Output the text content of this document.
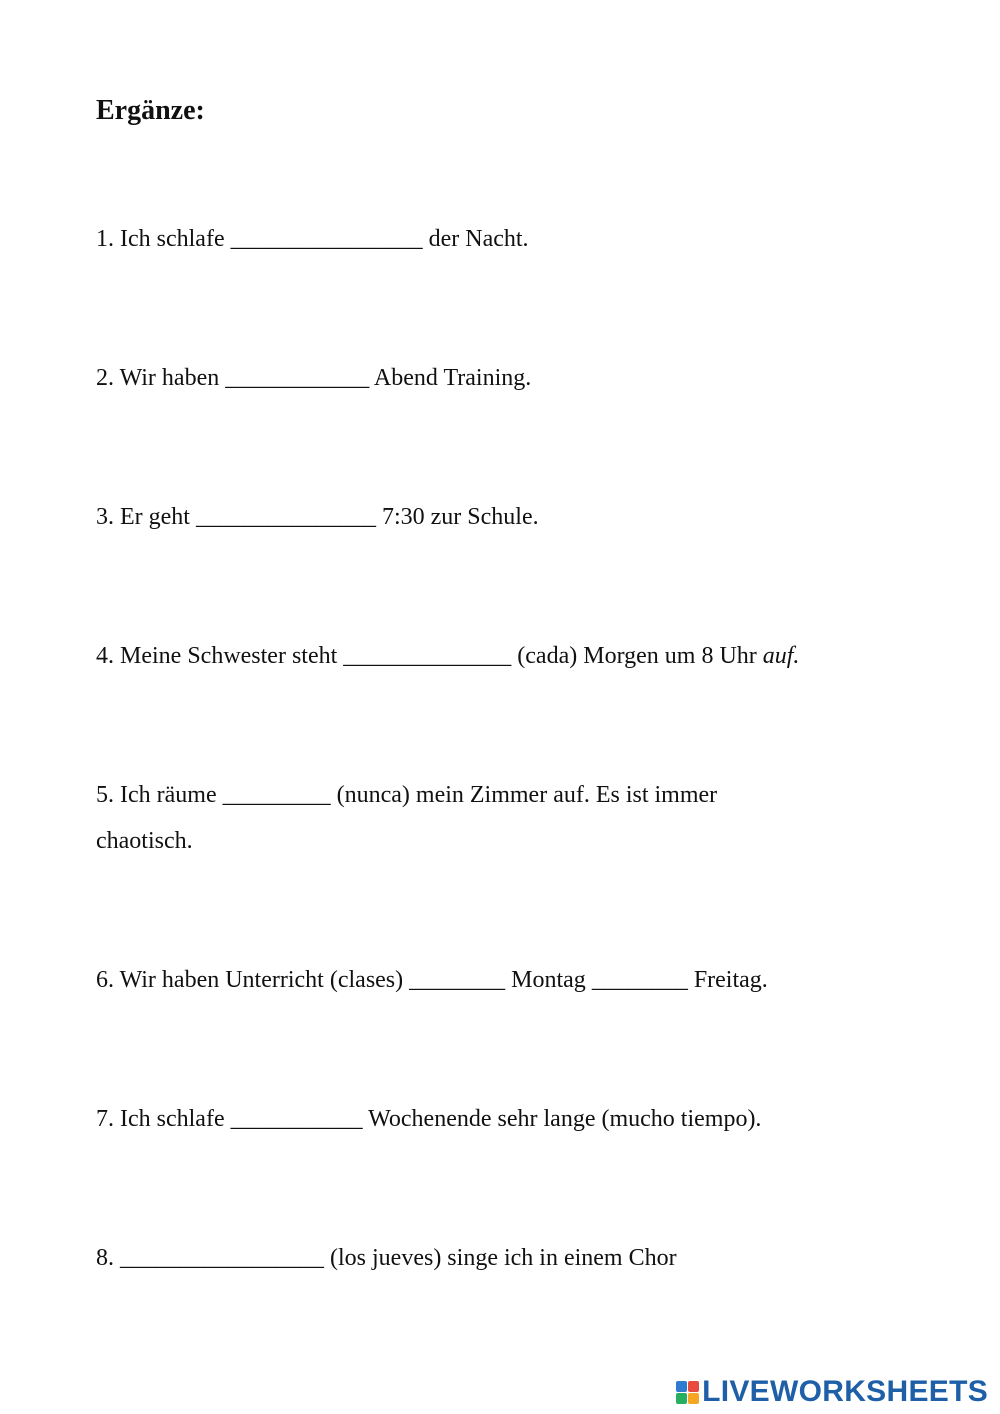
Ergänze:

1. Ich schlafe ________________ der Nacht.

2. Wir haben ____________ Abend Training.

3. Er geht _______________ 7:30 zur Schule.

4. Meine Schwester steht ______________ (cada) Morgen um 8 Uhr auf.

5. Ich räume _________ (nunca) mein Zimmer auf. Es ist immer chaotisch.

6. Wir haben Unterricht (clases) ________ Montag ________ Freitag.

7. Ich schlafe ___________ Wochenende sehr lange (mucho tiempo).

8. _________________ (los jueves) singe ich in einem Chor

LIVEWORKSHEETS
